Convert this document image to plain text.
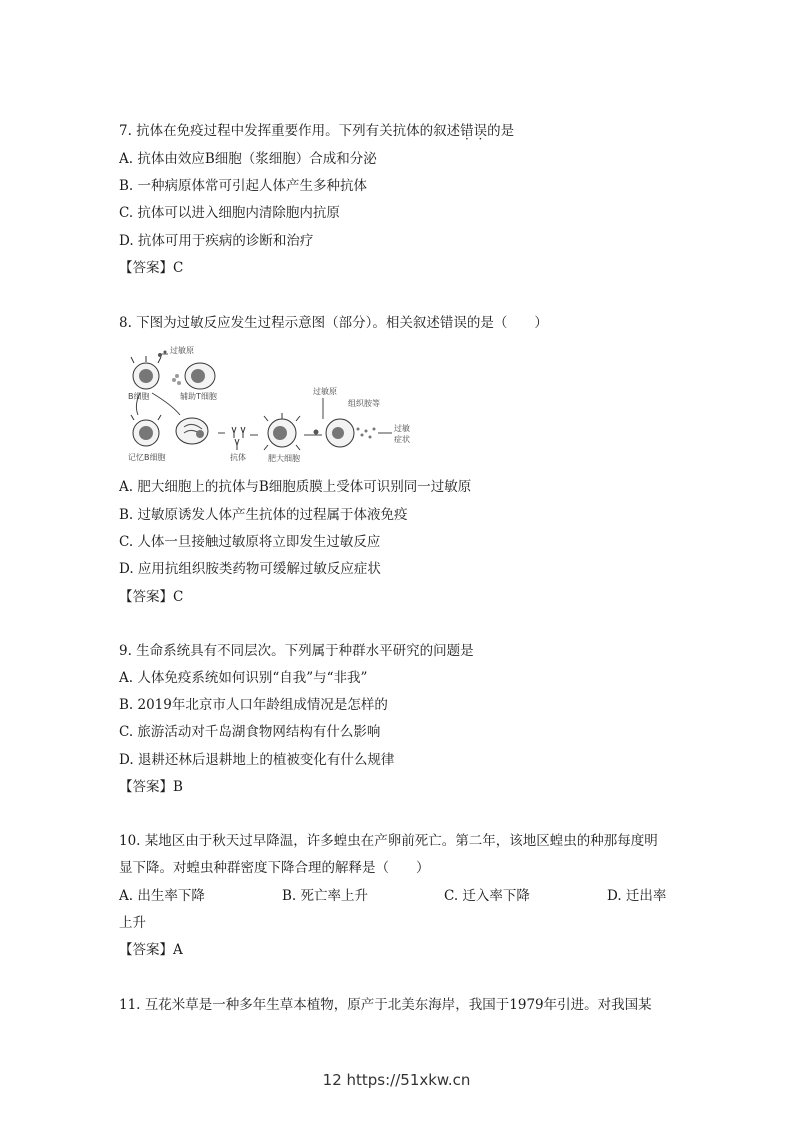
7. 抗体在免疫过程中发挥重要作用。下列有关抗体的叙述错误的是
A. 抗体由效应B细胞（浆细胞）合成和分泌
B. 一种病原体常可引起人体产生多种抗体
C. 抗体可以进入细胞内清除胞内抗原
D. 抗体可用于疾病的诊断和治疗
【答案】C
8. 下图为过敏反应发生过程示意图（部分）。相关叙述错误的是（　　）
过敏原
B细胞	辅助T细胞
记忆B细胞	抗体	肥大细胞
过敏原
组织胺等
过敏
症状
A. 肥大细胞上的抗体与B细胞质膜上受体可识别同一过敏原
B. 过敏原诱发人体产生抗体的过程属于体液免疫
C. 人体一旦接触过敏原将立即发生过敏反应
D. 应用抗组织胺类药物可缓解过敏反应症状
【答案】C
9. 生命系统具有不同层次。下列属于种群水平研究的问题是
A. 人体免疫系统如何识别“自我”与“非我”
B. 2019年北京市人口年龄组成情况是怎样的
C. 旅游活动对千岛湖食物网结构有什么影响
D. 退耕还林后退耕地上的植被变化有什么规律
【答案】B
10. 某地区由于秋天过早降温，许多蝗虫在产卵前死亡。第二年，该地区蝗虫的种那每度明
显下降。对蝗虫种群密度下降合理的解释是（　　）
A. 出生率下降	B. 死亡率上升	C. 迁入率下降	D. 迁出率
上升
【答案】A
11. 互花米草是一种多年生草本植物，原产于北美东海岸，我国于1979年引进。对我国某
12 https://51xkw.cn
